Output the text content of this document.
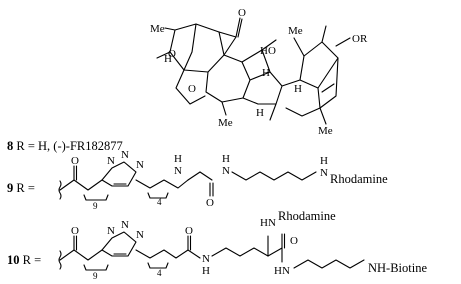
O
O
O
HO
OR
H
H
H
H
Me
Me
Me
Me
8 R = H, (-)-FR182877
9 R =
O
9
N N
N
4
H
N
O
N
H
N
H
Rhodamine
10 R =
O
9
N N
N
4
O
N
H
HN Rhodamine
O
HN	NH-Biotine
